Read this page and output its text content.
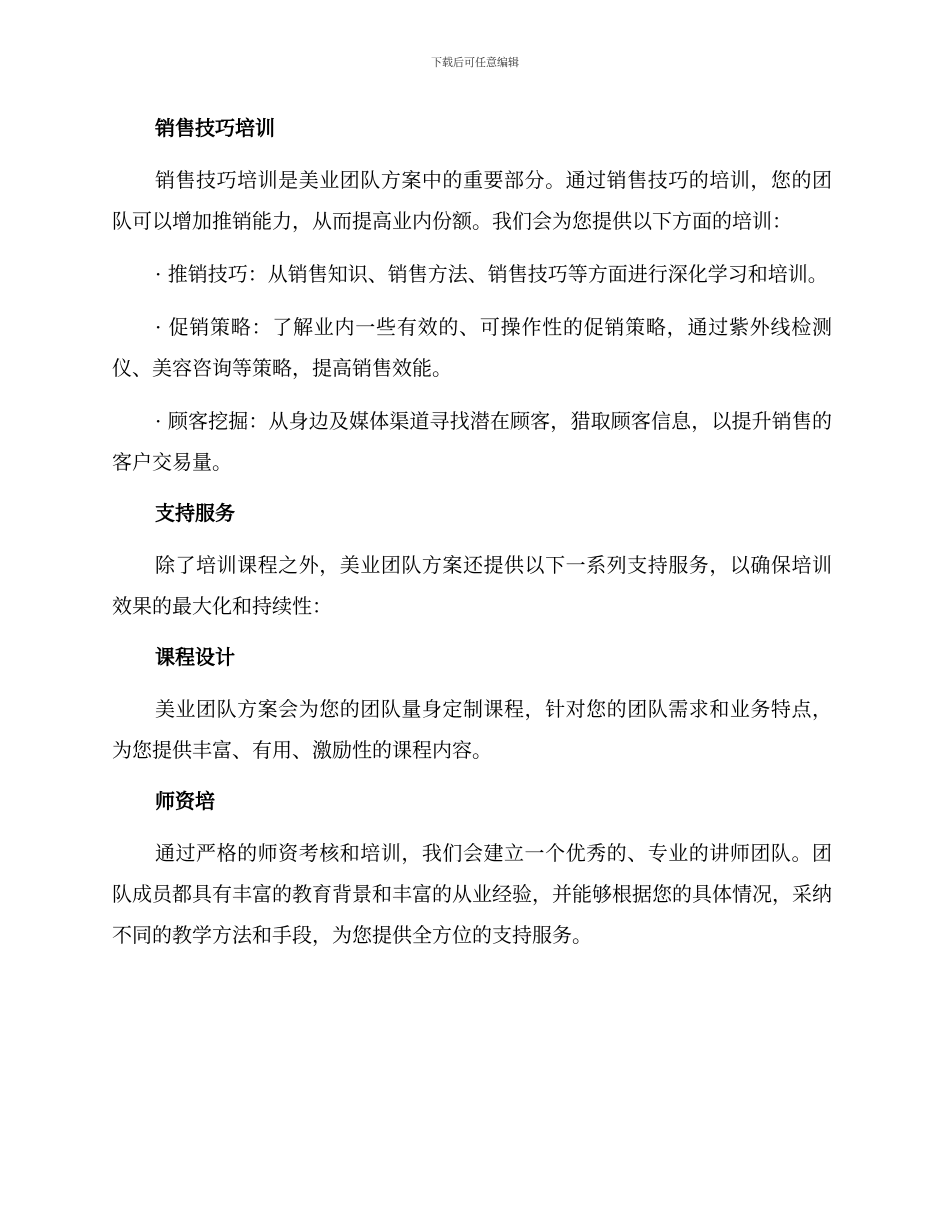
下载后可任意编辑
销售技巧培训

销售技巧培训是美业团队方案中的重要部分。通过销售技巧的培训，您的团队可以增加推销能力，从而提高业内份额。我们会为您提供以下方面的培训：

· 推销技巧：从销售知识、销售方法、销售技巧等方面进行深化学习和培训。

· 促销策略：了解业内一些有效的、可操作性的促销策略，通过紫外线检测仪、美容咨询等策略，提高销售效能。

· 顾客挖掘：从身边及媒体渠道寻找潜在顾客，猎取顾客信息，以提升销售的客户交易量。

支持服务

除了培训课程之外，美业团队方案还提供以下一系列支持服务，以确保培训效果的最大化和持续性：

课程设计

美业团队方案会为您的团队量身定制课程，针对您的团队需求和业务特点，为您提供丰富、有用、激励性的课程内容。

师资培

通过严格的师资考核和培训，我们会建立一个优秀的、专业的讲师团队。团队成员都具有丰富的教育背景和丰富的从业经验，并能够根据您的具体情况，采纳不同的教学方法和手段，为您提供全方位的支持服务。
